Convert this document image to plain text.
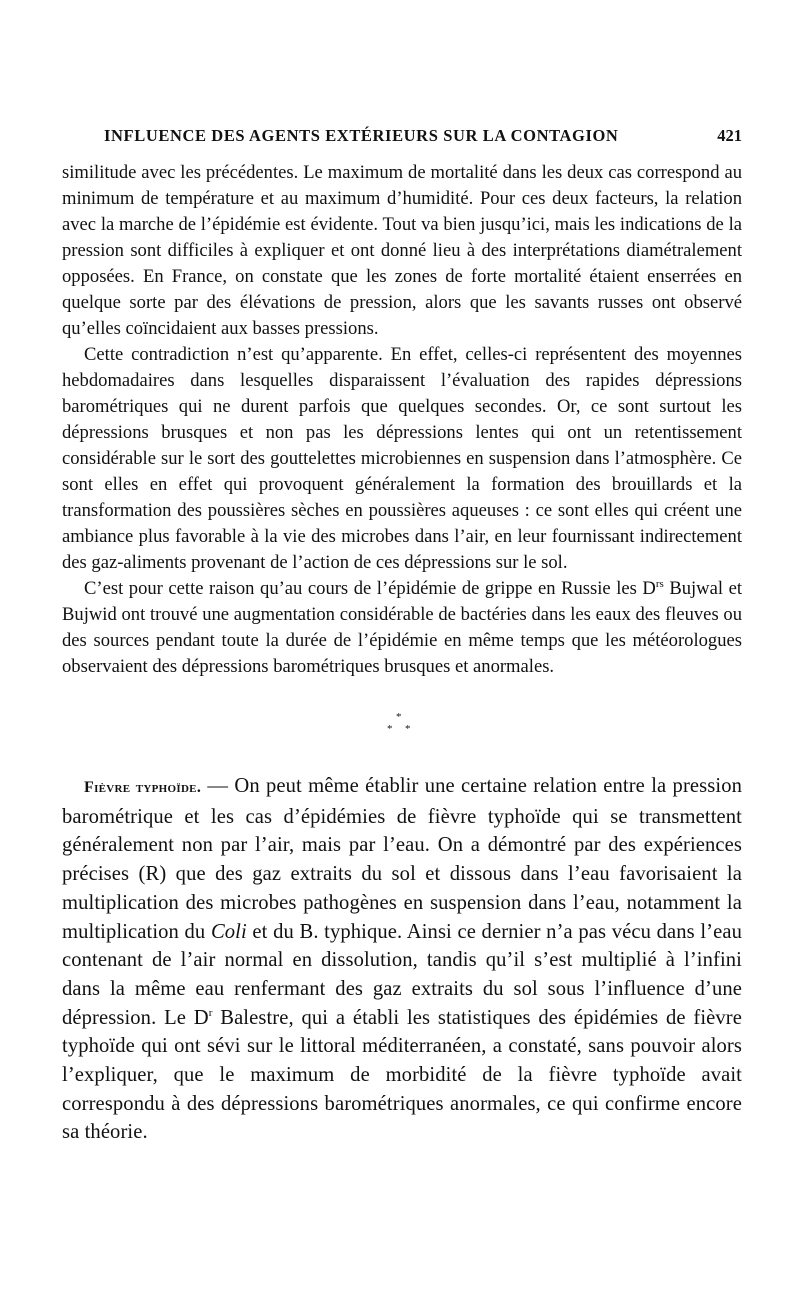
INFLUENCE DES AGENTS EXTÉRIEURS SUR LA CONTAGION	421

similitude avec les précédentes. Le maximum de mortalité dans les deux cas correspond au minimum de température et au maximum d’humidité. Pour ces deux facteurs, la relation avec la marche de l’épidémie est évidente. Tout va bien jusqu’ici, mais les indications de la pression sont difficiles à expliquer et ont donné lieu à des interprétations diamétralement opposées. En France, on constate que les zones de forte mortalité étaient enserrées en quelque sorte par des élévations de pression, alors que les savants russes ont observé qu’elles coïncidaient aux basses pressions.

Cette contradiction n’est qu’apparente. En effet, celles-ci représentent des moyennes hebdomadaires dans lesquelles disparaissent l’évaluation des rapides dépressions barométriques qui ne durent parfois que quelques secondes. Or, ce sont surtout les dépressions brusques et non pas les dépressions lentes qui ont un retentissement considérable sur le sort des gouttelettes microbiennes en suspension dans l’atmosphère. Ce sont elles en effet qui provoquent généralement la formation des brouillards et la transformation des poussières sèches en poussières aqueuses : ce sont elles qui créent une ambiance plus favorable à la vie des microbes dans l’air, en leur fournissant indirectement des gaz-aliments provenant de l’action de ces dépressions sur le sol.

C’est pour cette raison qu’au cours de l’épidémie de grippe en Russie les $D^{rs}$ Bujwal et Bujwid ont trouvé une augmentation considérable de bactéries dans les eaux des fleuves ou des sources pendant toute la durée de l’épidémie en même temps que les météorologues observaient des dépressions barométriques brusques et anormales.

*
* *

Fièvre typhoïde. — On peut même établir une certaine relation entre la pression barométrique et les cas d’épidémies de fièvre typhoïde qui se transmettent généralement non par l’air, mais par l’eau. On a démontré par des expériences précises (R) que des gaz extraits du sol et dissous dans l’eau favorisaient la multiplication des microbes pathogènes en suspension dans l’eau, notamment la multiplication du Coli et du B. typhique. Ainsi ce dernier n’a pas vécu dans l’eau contenant de l’air normal en dissolution, tandis qu’il s’est multiplié à l’infini dans la même eau renfermant des gaz extraits du sol sous l’influence d’une dépression. Le $D^r$ Balestre, qui a établi les statistiques des épidémies de fièvre typhoïde qui ont sévi sur le littoral méditerranéen, a constaté, sans pouvoir alors l’expliquer, que le maximum de morbidité de la fièvre typhoïde avait correspondu à des dépressions barométriques anormales, ce qui confirme encore sa théorie.
